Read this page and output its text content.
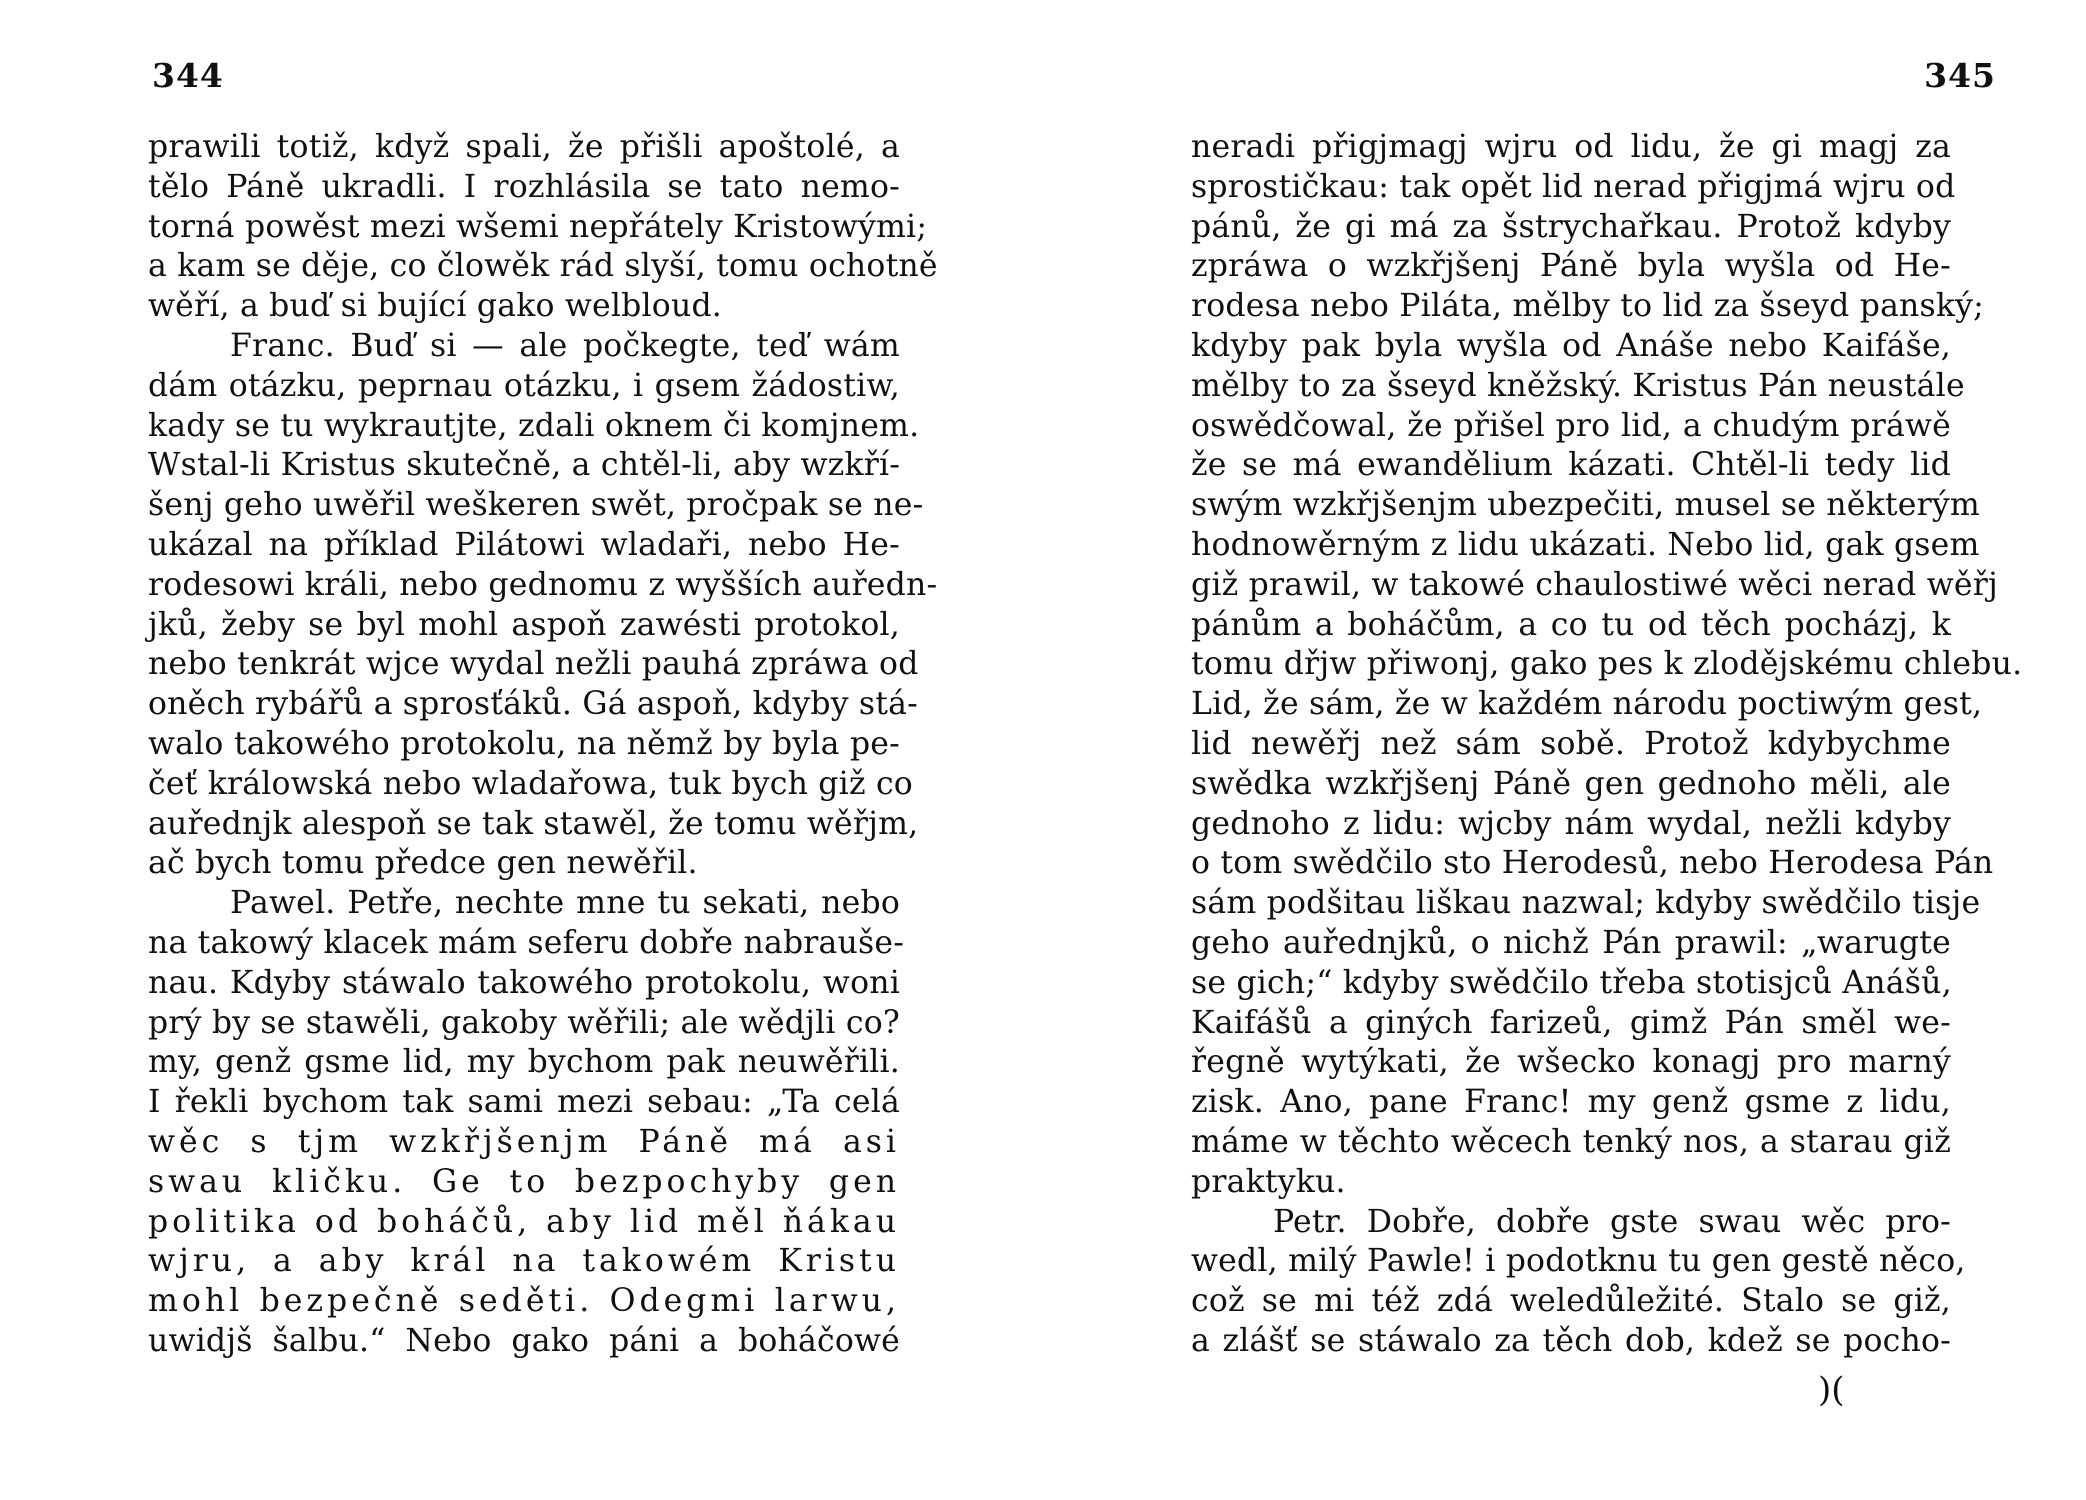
344
prawili totiž, když spali, že přišli apoštolé, a
tělo Páně ukradli. I rozhlásila se tato nemo-
torná powěst mezi wšemi nepřátely Kristowými;
a kam se děje, co člowěk rád slyší, tomu ochotně
wěří, a buď si bující gako welbloud.
Franc. Buď si — ale počkegte, teď wám
dám otázku, peprnau otázku, i gsem žádostiw,
kady se tu wykrautjte, zdali oknem či komjnem.
Wstal-li Kristus skutečně, a chtěl-li, aby wzkří-
šenj geho uwěřil weškeren swět, pročpak se ne-
ukázal na příklad Pilátowi wladaři, nebo He-
rodesowi králi, nebo gednomu z wyšších auředn-
jků, žeby se byl mohl aspoň zawésti protokol,
nebo tenkrát wjce wydal nežli pauhá zpráwa od
oněch rybářů a sprosťáků. Gá aspoň, kdyby stá-
walo takowého protokolu, na němž by byla pe-
čeť králowská nebo wladařowa, tuk bych giž co
auřednjk alespoň se tak stawěl, že tomu wěřjm,
ač bych tomu předce gen newěřil.
Pawel. Petře, nechte mne tu sekati, nebo
na takowý klacek mám seferu dobře nabrauše-
nau. Kdyby stáwalo takowého protokolu, woni
prý by se stawěli, gakoby wěřili; ale wědjli co?
my, genž gsme lid, my bychom pak neuwěřili.
I řekli bychom tak sami mezi sebau: „Ta celá
wěc s tjm wzkřjšenjm Páně má asi
swau kličku. Ge to bezpochyby gen
politika od boháčů, aby lid měl ňákau
wjru, a aby král na takowém Kristu
mohl bezpečně seděti. Odegmi larwu,
uwidjš šalbu.“ Nebo gako páni a boháčowé
345
neradi přigjmagj wjru od lidu, že gi magj za
sprostičkau: tak opět lid nerad přigjmá wjru od
pánů, že gi má za šstrychařkau. Protož kdyby
zpráwa o wzkřjšenj Páně byla wyšla od He-
rodesa nebo Piláta, mělby to lid za šseyd panský;
kdyby pak byla wyšla od Anáše nebo Kaifáše,
mělby to za šseyd kněžský. Kristus Pán neustále
oswědčowal, že přišel pro lid, a chudým práwě
že se má ewandělium kázati. Chtěl-li tedy lid
swým wzkřjšenjm ubezpečiti, musel se některým
hodnowěrným z lidu ukázati. Nebo lid, gak gsem
giž prawil, w takowé chaulostiwé wěci nerad wěřj
pánům a boháčům, a co tu od těch pocházj, k
tomu dřjw přiwonj, gako pes k zlodějskému chlebu.
Lid, že sám, že w každém národu poctiwým gest,
lid newěřj než sám sobě. Protož kdybychme
swědka wzkřjšenj Páně gen gednoho měli, ale
gednoho z lidu: wjcby nám wydal, nežli kdyby
o tom swědčilo sto Herodesů, nebo Herodesa Pán
sám podšitau liškau nazwal; kdyby swědčilo tisje
geho auřednjků, o nichž Pán prawil: „warugte
se gich;“ kdyby swědčilo třeba stotisjců Anášů,
Kaifášů a giných farizeů, gimž Pán směl we-
řegně wytýkati, že wšecko konagj pro marný
zisk. Ano, pane Franc! my genž gsme z lidu,
máme w těchto wěcech tenký nos, a starau giž
praktyku.
Petr. Dobře, dobře gste swau wěc pro-
wedl, milý Pawle! i podotknu tu gen gestě něco,
což se mi též zdá weledůležité. Stalo se giž,
a zlášť se stáwalo za těch dob, kdež se pocho-
)(
